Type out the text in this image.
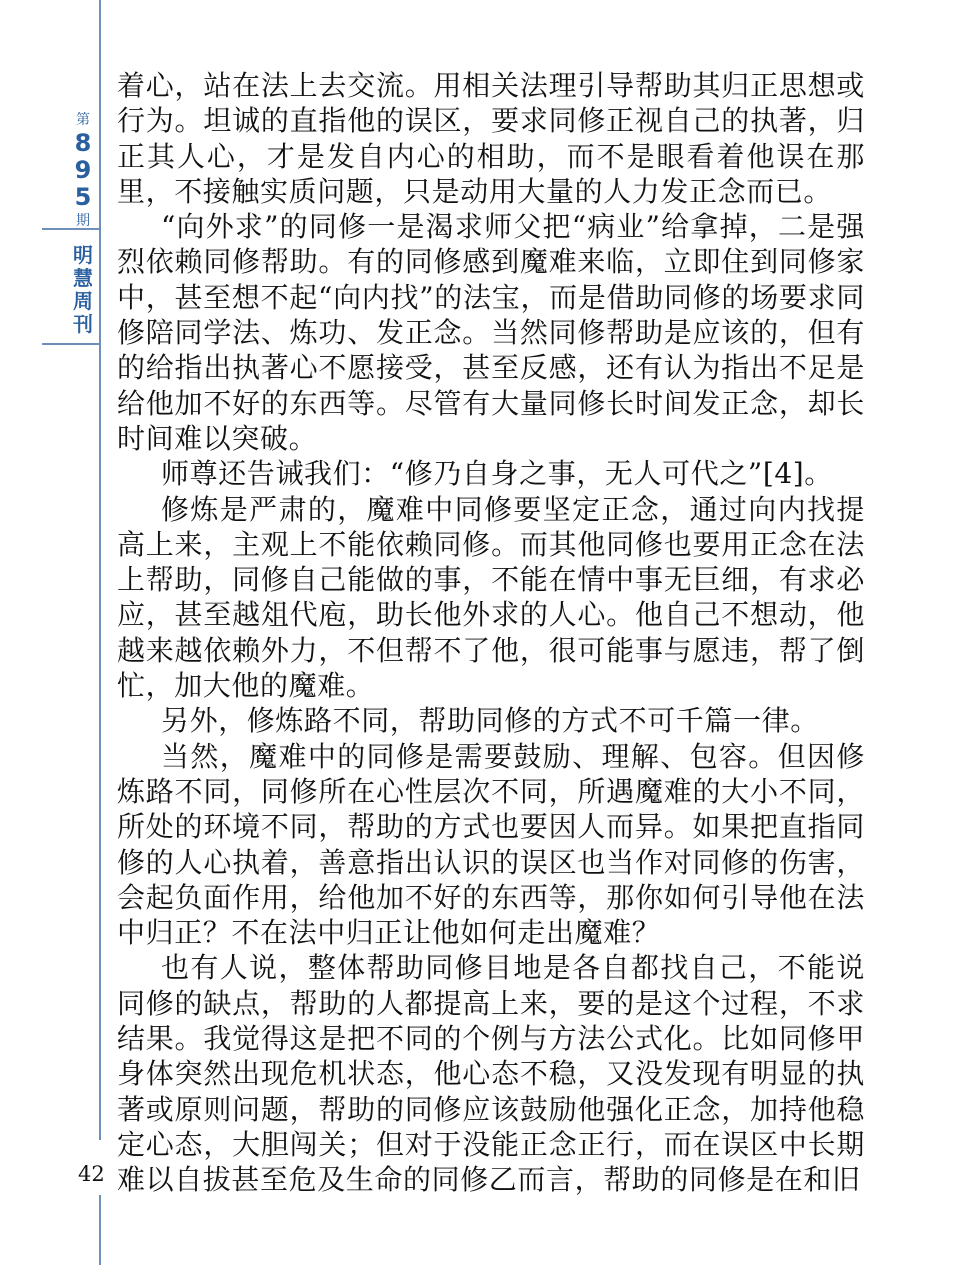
第
8
9
5
期
明
慧
周
刊
42

着心，站在法上去交流。用相关法理引导帮助其归正思想或行为。坦诚的直指他的误区，要求同修正视自己的执著，归正其人心，才是发自内心的相助，而不是眼看着他误在那里，不接触实质问题，只是动用大量的人力发正念而已。

“向外求”的同修一是渴求师父把“病业”给拿掉，二是强烈依赖同修帮助。有的同修感到魔难来临，立即住到同修家中，甚至想不起“向内找”的法宝，而是借助同修的场要求同修陪同学法、炼功、发正念。当然同修帮助是应该的，但有的给指出执著心不愿接受，甚至反感，还有认为指出不足是给他加不好的东西等。尽管有大量同修长时间发正念，却长时间难以突破。

师尊还告诫我们：“修乃自身之事，无人可代之”[4]。

修炼是严肃的，魔难中同修要坚定正念，通过向内找提高上来，主观上不能依赖同修。而其他同修也要用正念在法上帮助，同修自己能做的事，不能在情中事无巨细，有求必应，甚至越俎代庖，助长他外求的人心。他自己不想动，他越来越依赖外力，不但帮不了他，很可能事与愿违，帮了倒忙，加大他的魔难。

另外，修炼路不同，帮助同修的方式不可千篇一律。

当然，魔难中的同修是需要鼓励、理解、包容。但因修炼路不同，同修所在心性层次不同，所遇魔难的大小不同，所处的环境不同，帮助的方式也要因人而异。如果把直指同修的人心执着，善意指出认识的误区也当作对同修的伤害，会起负面作用，给他加不好的东西等，那你如何引导他在法中归正？不在法中归正让他如何走出魔难？

也有人说，整体帮助同修目地是各自都找自己，不能说同修的缺点，帮助的人都提高上来，要的是这个过程，不求结果。我觉得这是把不同的个例与方法公式化。比如同修甲身体突然出现危机状态，他心态不稳，又没发现有明显的执著或原则问题，帮助的同修应该鼓励他强化正念，加持他稳定心态，大胆闯关；但对于没能正念正行，而在误区中长期难以自拔甚至危及生命的同修乙而言，帮助的同修是在和旧
